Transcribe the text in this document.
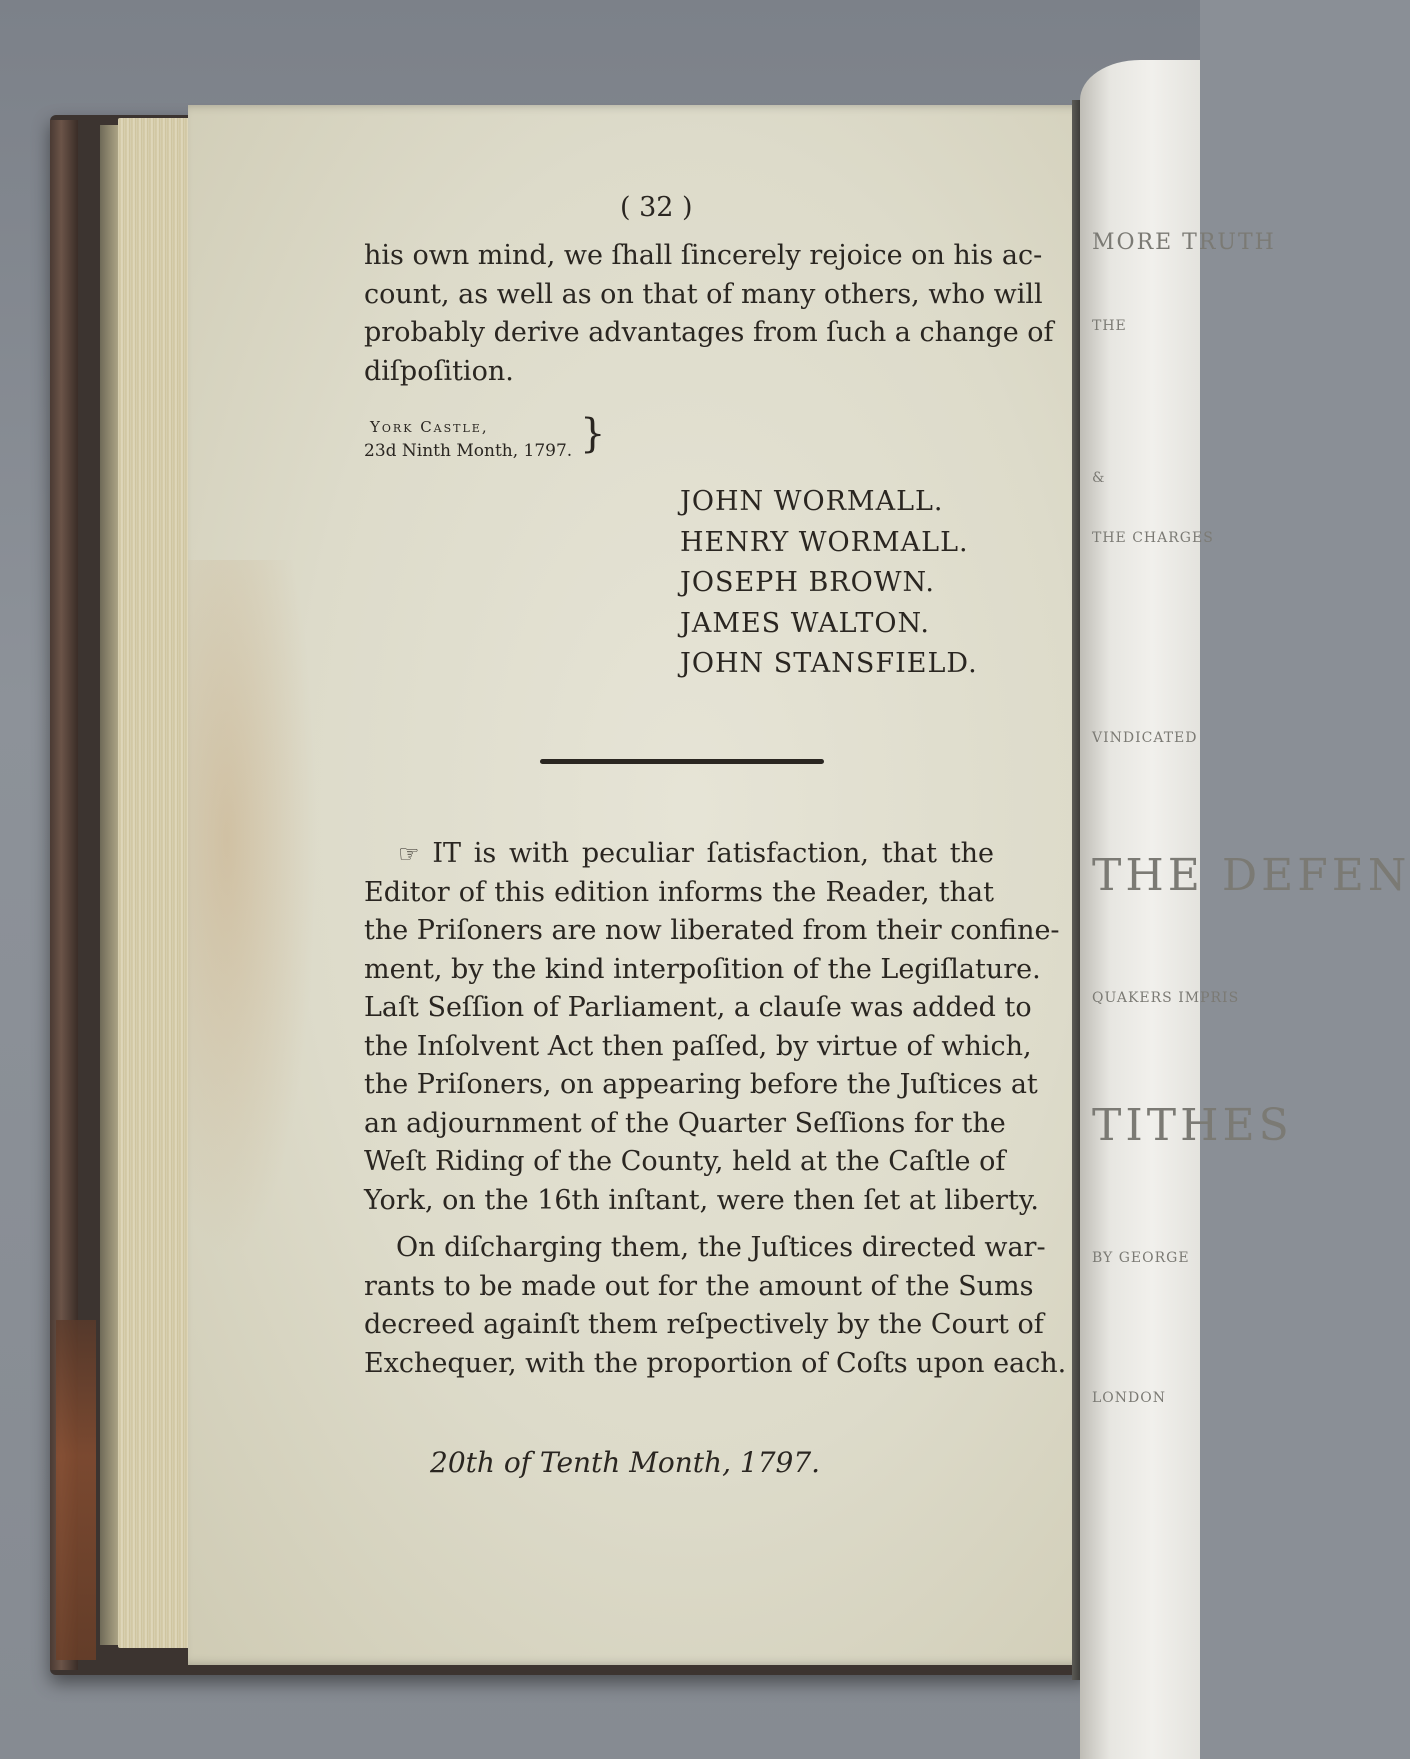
MORE TRUTH
THE
&
THE CHARGES
VINDICATED
THE DEFEN
QUAKERS IMPRIS
TITHES
BY GEORGE
LONDON
( 32 )
his own mind, we ſhall ſincerely rejoice on his ac-
count, as well as on that of many others, who will
probably derive advantages from ſuch a change of
diſpoſition.
York Castle,
23d Ninth Month, 1797. }
JOHN WORMALL.
HENRY WORMALL.
JOSEPH BROWN.
JAMES WALTON.
JOHN STANSFIELD.
☞ IT is with peculiar ſatisfaction, that the
Editor of this edition informs the Reader, that
the Priſoners are now liberated from their confine-
ment, by the kind interpoſition of the Legiſlature.
Laſt Seſſion of Parliament, a clauſe was added to
the Inſolvent Act then paſſed, by virtue of which,
the Priſoners, on appearing before the Juſtices at
an adjournment of the Quarter Seſſions for the
Weſt Riding of the County, held at the Caſtle of
York, on the 16th inſtant, were then ſet at liberty.
On diſcharging them, the Juſtices directed war-
rants to be made out for the amount of the Sums
decreed againſt them reſpectively by the Court of
Exchequer, with the proportion of Coſts upon each.
20th of Tenth Month, 1797.
